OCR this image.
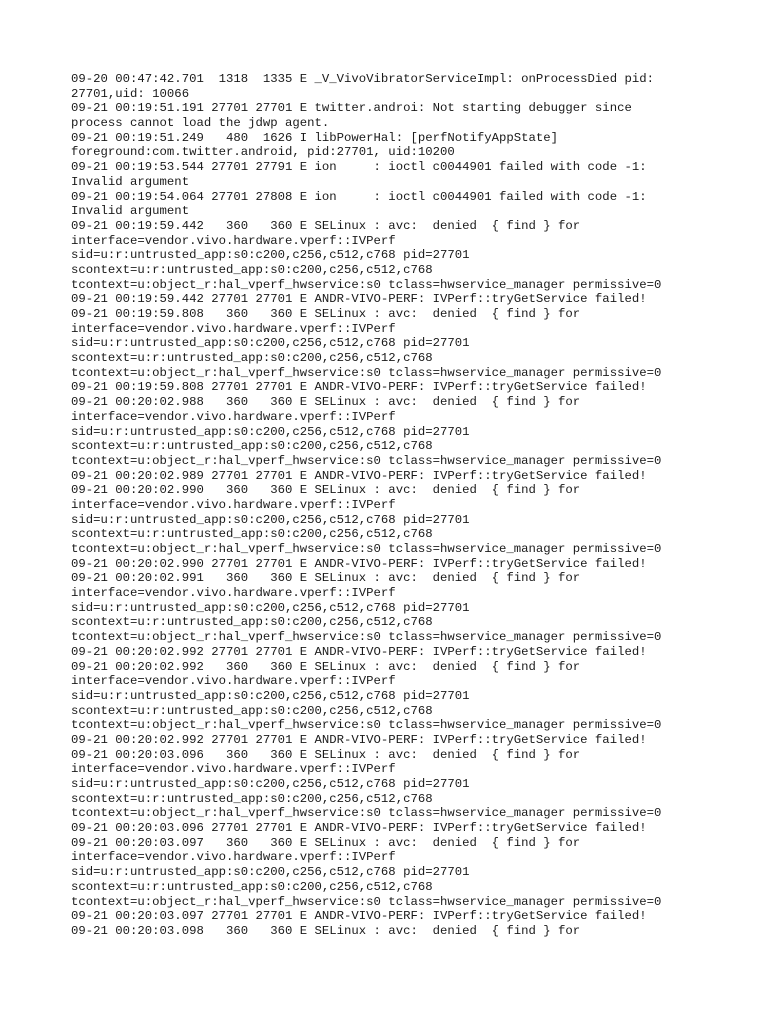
09-20 00:47:42.701  1318  1335 E _V_VivoVibratorServiceImpl: onProcessDied pid:
27701,uid: 10066
09-21 00:19:51.191 27701 27701 E twitter.androi: Not starting debugger since
process cannot load the jdwp agent.
09-21 00:19:51.249   480  1626 I libPowerHal: [perfNotifyAppState]
foreground:com.twitter.android, pid:27701, uid:10200
09-21 00:19:53.544 27701 27791 E ion     : ioctl c0044901 failed with code -1:
Invalid argument
09-21 00:19:54.064 27701 27808 E ion     : ioctl c0044901 failed with code -1:
Invalid argument
09-21 00:19:59.442   360   360 E SELinux : avc:  denied  { find } for
interface=vendor.vivo.hardware.vperf::IVPerf
sid=u:r:untrusted_app:s0:c200,c256,c512,c768 pid=27701
scontext=u:r:untrusted_app:s0:c200,c256,c512,c768
tcontext=u:object_r:hal_vperf_hwservice:s0 tclass=hwservice_manager permissive=0
09-21 00:19:59.442 27701 27701 E ANDR-VIVO-PERF: IVPerf::tryGetService failed!
09-21 00:19:59.808   360   360 E SELinux : avc:  denied  { find } for
interface=vendor.vivo.hardware.vperf::IVPerf
sid=u:r:untrusted_app:s0:c200,c256,c512,c768 pid=27701
scontext=u:r:untrusted_app:s0:c200,c256,c512,c768
tcontext=u:object_r:hal_vperf_hwservice:s0 tclass=hwservice_manager permissive=0
09-21 00:19:59.808 27701 27701 E ANDR-VIVO-PERF: IVPerf::tryGetService failed!
09-21 00:20:02.988   360   360 E SELinux : avc:  denied  { find } for
interface=vendor.vivo.hardware.vperf::IVPerf
sid=u:r:untrusted_app:s0:c200,c256,c512,c768 pid=27701
scontext=u:r:untrusted_app:s0:c200,c256,c512,c768
tcontext=u:object_r:hal_vperf_hwservice:s0 tclass=hwservice_manager permissive=0
09-21 00:20:02.989 27701 27701 E ANDR-VIVO-PERF: IVPerf::tryGetService failed!
09-21 00:20:02.990   360   360 E SELinux : avc:  denied  { find } for
interface=vendor.vivo.hardware.vperf::IVPerf
sid=u:r:untrusted_app:s0:c200,c256,c512,c768 pid=27701
scontext=u:r:untrusted_app:s0:c200,c256,c512,c768
tcontext=u:object_r:hal_vperf_hwservice:s0 tclass=hwservice_manager permissive=0
09-21 00:20:02.990 27701 27701 E ANDR-VIVO-PERF: IVPerf::tryGetService failed!
09-21 00:20:02.991   360   360 E SELinux : avc:  denied  { find } for
interface=vendor.vivo.hardware.vperf::IVPerf
sid=u:r:untrusted_app:s0:c200,c256,c512,c768 pid=27701
scontext=u:r:untrusted_app:s0:c200,c256,c512,c768
tcontext=u:object_r:hal_vperf_hwservice:s0 tclass=hwservice_manager permissive=0
09-21 00:20:02.992 27701 27701 E ANDR-VIVO-PERF: IVPerf::tryGetService failed!
09-21 00:20:02.992   360   360 E SELinux : avc:  denied  { find } for
interface=vendor.vivo.hardware.vperf::IVPerf
sid=u:r:untrusted_app:s0:c200,c256,c512,c768 pid=27701
scontext=u:r:untrusted_app:s0:c200,c256,c512,c768
tcontext=u:object_r:hal_vperf_hwservice:s0 tclass=hwservice_manager permissive=0
09-21 00:20:02.992 27701 27701 E ANDR-VIVO-PERF: IVPerf::tryGetService failed!
09-21 00:20:03.096   360   360 E SELinux : avc:  denied  { find } for
interface=vendor.vivo.hardware.vperf::IVPerf
sid=u:r:untrusted_app:s0:c200,c256,c512,c768 pid=27701
scontext=u:r:untrusted_app:s0:c200,c256,c512,c768
tcontext=u:object_r:hal_vperf_hwservice:s0 tclass=hwservice_manager permissive=0
09-21 00:20:03.096 27701 27701 E ANDR-VIVO-PERF: IVPerf::tryGetService failed!
09-21 00:20:03.097   360   360 E SELinux : avc:  denied  { find } for
interface=vendor.vivo.hardware.vperf::IVPerf
sid=u:r:untrusted_app:s0:c200,c256,c512,c768 pid=27701
scontext=u:r:untrusted_app:s0:c200,c256,c512,c768
tcontext=u:object_r:hal_vperf_hwservice:s0 tclass=hwservice_manager permissive=0
09-21 00:20:03.097 27701 27701 E ANDR-VIVO-PERF: IVPerf::tryGetService failed!
09-21 00:20:03.098   360   360 E SELinux : avc:  denied  { find } for
